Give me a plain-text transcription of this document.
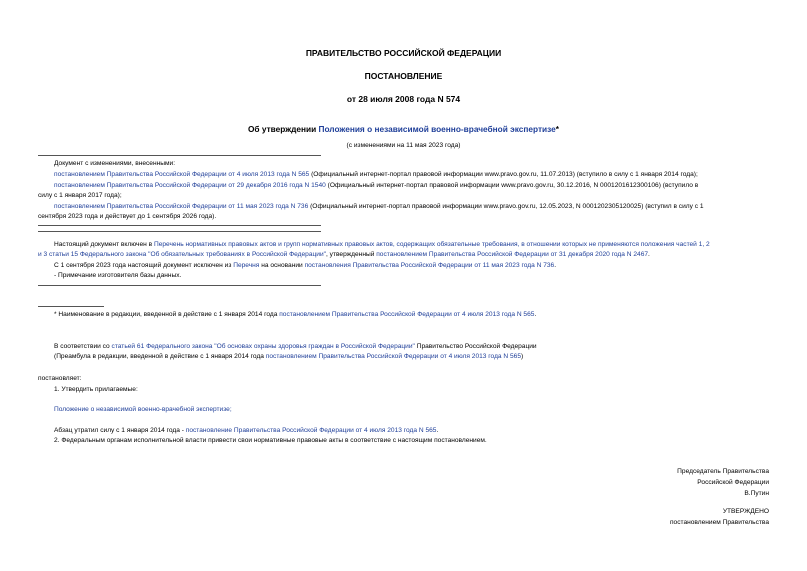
ПРАВИТЕЛЬСТВО РОССИЙСКОЙ ФЕДЕРАЦИИ
ПОСТАНОВЛЕНИЕ
от 28 июля 2008 года N 574
Об утверждении Положения о независимой военно-врачебной экспертизе*
(с изменениями на 11 мая 2023 года)
Документ с изменениями, внесенными:
постановлением Правительства Российской Федерации от 4 июля 2013 года N 565 (Официальный интернет-портал правовой информации www.pravo.gov.ru, 11.07.2013) (вступило в силу с 1 января 2014 года);
постановлением Правительства Российской Федерации от 29 декабря 2016 года N 1540 (Официальный интернет-портал правовой информации www.pravo.gov.ru, 30.12.2016, N 0001201612300106) (вступило в
силу с 1 января 2017 года);
постановлением Правительства Российской Федерации от 11 мая 2023 года N 736 (Официальный интернет-портал правовой информации www.pravo.gov.ru, 12.05.2023, N 0001202305120025) (вступил в силу с 1
сентября 2023 года и действует до 1 сентября 2026 года).
Настоящий документ включен в Перечень нормативных правовых актов и групп нормативных правовых актов, содержащих обязательные требования, в отношении которых не применяются положения частей 1, 2
и 3 статьи 15 Федерального закона "Об обязательных требованиях в Российской Федерации", утвержденный постановлением Правительства Российской Федерации от 31 декабря 2020 года N 2467.
С 1 сентября 2023 года настоящий документ исключен из Перечня на основании постановления Правительства Российской Федерации от 11 мая 2023 года N 736.
- Примечание изготовителя базы данных.
* Наименование в редакции, введенной в действие с 1 января 2014 года постановлением Правительства Российской Федерации от 4 июля 2013 года N 565.
В соответствии со статьей 61 Федерального закона "Об основах охраны здоровья граждан в Российской Федерации" Правительство Российской Федерации
(Преамбула в редакции, введенной в действие с 1 января 2014 года постановлением Правительства Российской Федерации от 4 июля 2013 года N 565)
постановляет:
1. Утвердить прилагаемые:
Положение о независимой военно-врачебной экспертизе;
Абзац утратил силу с 1 января 2014 года - постановление Правительства Российской Федерации от 4 июля 2013 года N 565.
2. Федеральным органам исполнительной власти привести свои нормативные правовые акты в соответствие с настоящим постановлением.
Председатель Правительства
Российской Федерации
В.Путин
УТВЕРЖДЕНО
постановлением Правительства
